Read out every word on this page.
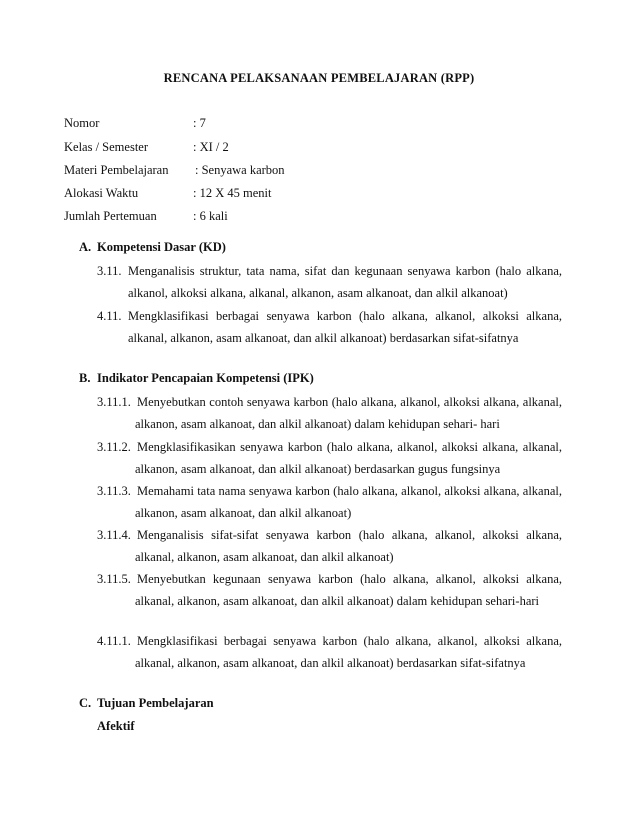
RENCANA PELAKSANAAN PEMBELAJARAN (RPP)
Nomor	: 7
Kelas / Semester	: XI / 2
Materi Pembelajaran : Senyawa karbon
Alokasi Waktu	: 12 X 45 menit
Jumlah Pertemuan	: 6 kali
A. Kompetensi Dasar (KD)
3.11. Menganalisis struktur, tata nama, sifat dan kegunaan senyawa karbon (halo alkana,
alkanol, alkoksi alkana, alkanal, alkanon, asam alkanoat, dan alkil alkanoat)
4.11. Mengklasifikasi berbagai senyawa karbon (halo alkana, alkanol, alkoksi alkana,
alkanal, alkanon, asam alkanoat, dan alkil alkanoat) berdasarkan sifat-sifatnya
B. Indikator Pencapaian Kompetensi (IPK)
3.11.1. Menyebutkan contoh senyawa karbon (halo alkana, alkanol, alkoksi alkana, alkanal,
alkanon, asam alkanoat, dan alkil alkanoat) dalam kehidupan sehari- hari
3.11.2. Mengklasifikasikan senyawa karbon (halo alkana, alkanol, alkoksi alkana, alkanal,
alkanon, asam alkanoat, dan alkil alkanoat) berdasarkan gugus fungsinya
3.11.3. Memahami tata nama senyawa karbon (halo alkana, alkanol, alkoksi alkana, alkanal,
alkanon, asam alkanoat, dan alkil alkanoat)
3.11.4. Menganalisis sifat-sifat senyawa karbon (halo alkana, alkanol, alkoksi alkana,
alkanal, alkanon, asam alkanoat, dan alkil alkanoat)
3.11.5. Menyebutkan kegunaan senyawa karbon (halo alkana, alkanol, alkoksi alkana,
alkanal, alkanon, asam alkanoat, dan alkil alkanoat) dalam kehidupan sehari-hari
4.11.1. Mengklasifikasi berbagai senyawa karbon (halo alkana, alkanol, alkoksi alkana,
alkanal, alkanon, asam alkanoat, dan alkil alkanoat) berdasarkan sifat-sifatnya
C. Tujuan Pembelajaran
Afektif
